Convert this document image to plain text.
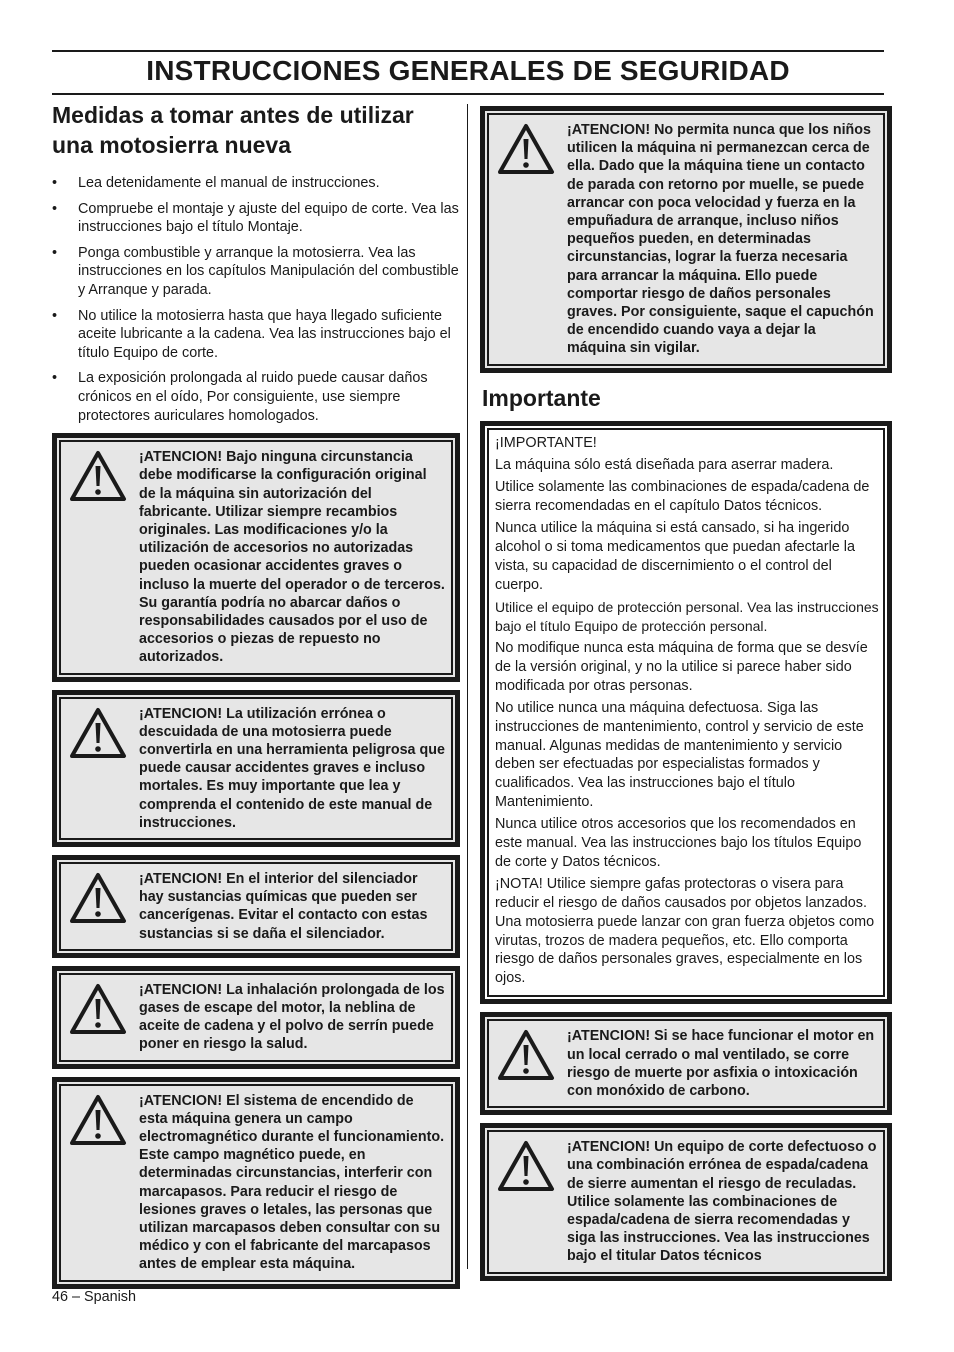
INSTRUCCIONES GENERALES DE SEGURIDAD
Medidas a tomar antes de utilizar una motosierra nueva
• Lea detenidamente el manual de instrucciones.
• Compruebe el montaje y ajuste del equipo de corte. Vea las instrucciones bajo el título Montaje.
• Ponga combustible y arranque la motosierra. Vea las instrucciones en los capítulos Manipulación del combustible y Arranque y parada.
• No utilice la motosierra hasta que haya llegado suficiente aceite lubricante a la cadena. Vea las instrucciones bajo el título Equipo de corte.
• La exposición prolongada al ruido puede causar daños crónicos en el oído, Por consiguiente, use siempre protectores auriculares homologados.
¡ATENCION! Bajo ninguna circunstancia debe modificarse la configuración original de la máquina sin autorización del fabricante. Utilizar siempre recambios originales. Las modificaciones y/o la utilización de accesorios no autorizadas pueden ocasionar accidentes graves o incluso la muerte del operador o de terceros. Su garantía podría no abarcar daños o responsabilidades causados por el uso de accesorios o piezas de repuesto no autorizados.
¡ATENCION! La utilización errónea o descuidada de una motosierra puede convertirla en una herramienta peligrosa que puede causar accidentes graves e incluso mortales. Es muy importante que lea y comprenda el contenido de este manual de instrucciones.
¡ATENCION! En el interior del silenciador hay sustancias químicas que pueden ser cancerígenas. Evitar el contacto con estas sustancias si se daña el silenciador.
¡ATENCION! La inhalación prolongada de los gases de escape del motor, la neblina de aceite de cadena y el polvo de serrín puede poner en riesgo la salud.
¡ATENCION! El sistema de encendido de esta máquina genera un campo electromagnético durante el funcionamiento. Este campo magnético puede, en determinadas circunstancias, interferir con marcapasos. Para reducir el riesgo de lesiones graves o letales, las personas que utilizan marcapasos deben consultar con su médico y con el fabricante del marcapasos antes de emplear esta máquina.
¡ATENCION! No permita nunca que los niños utilicen la máquina ni permanezcan cerca de ella. Dado que la máquina tiene un contacto de parada con retorno por muelle, se puede arrancar con poca velocidad y fuerza en la empuñadura de arranque, incluso niños pequeños pueden, en determinadas circunstancias, lograr la fuerza necesaria para arrancar la máquina. Ello puede comportar riesgo de daños personales graves. Por consiguiente, saque el capuchón de encendido cuando vaya a dejar la máquina sin vigilar.
Importante

¡IMPORTANTE!

La máquina sólo está diseñada para aserrar madera.

Utilice solamente las combinaciones de espada/cadena de sierra recomendadas en el capítulo Datos técnicos.

Nunca utilice la máquina si está cansado, si ha ingerido alcohol o si toma medicamentos que puedan afectarle la vista, su capacidad de discernimiento o el control del cuerpo.

Utilice el equipo de protección personal. Vea las instrucciones bajo el título Equipo de protección personal.

No modifique nunca esta máquina de forma que se desvíe de la versión original, y no la utilice si parece haber sido modificada por otras personas.

No utilice nunca una máquina defectuosa. Siga las instrucciones de mantenimiento, control y servicio de este manual. Algunas medidas de mantenimiento y servicio deben ser efectuadas por especialistas formados y cualificados. Vea las instrucciones bajo el título Mantenimiento.

Nunca utilice otros accesorios que los recomendados en este manual. Vea las instrucciones bajo los títulos Equipo de corte y Datos técnicos.

¡NOTA! Utilice siempre gafas protectoras o visera para reducir el riesgo de daños causados por objetos lanzados. Una motosierra puede lanzar con gran fuerza objetos como virutas, trozos de madera pequeños, etc. Ello comporta riesgo de daños personales graves, especialmente en los ojos.

¡ATENCION! Si se hace funcionar el motor en un local cerrado o mal ventilado, se corre riesgo de muerte por asfixia o intoxicación con monóxido de carbono.
¡ATENCION! Un equipo de corte defectuoso o una combinación errónea de espada/cadena de sierre aumentan el riesgo de reculadas. Utilice solamente las combinaciones de espada/cadena de sierra recomendadas y siga las instrucciones. Vea las instrucciones bajo el titular Datos técnicos
46 – Spanish
